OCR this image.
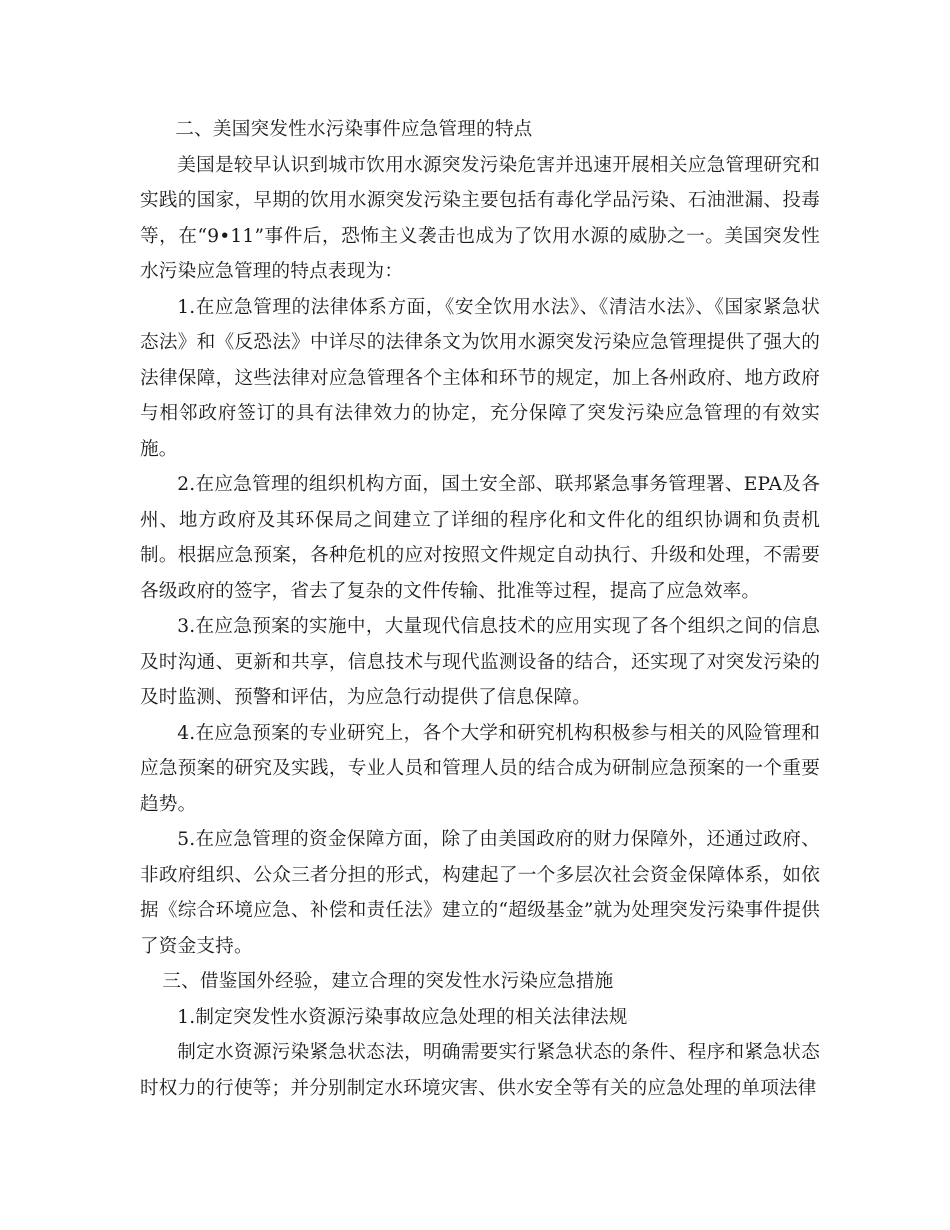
二、美国突发性水污染事件应急管理的特点

美国是较早认识到城市饮用水源突发污染危害并迅速开展相关应急管理研究和实践的国家，早期的饮用水源突发污染主要包括有毒化学品污染、石油泄漏、投毒等，在“9•11”事件后，恐怖主义袭击也成为了饮用水源的威胁之一。美国突发性水污染应急管理的特点表现为：

1.在应急管理的法律体系方面，《安全饮用水法》、《清洁水法》、《国家紧急状态法》和《反恐法》中详尽的法律条文为饮用水源突发污染应急管理提供了强大的法律保障，这些法律对应急管理各个主体和环节的规定，加上各州政府、地方政府与相邻政府签订的具有法律效力的协定，充分保障了突发污染应急管理的有效实施。

2.在应急管理的组织机构方面，国土安全部、联邦紧急事务管理署、EPA及各州、地方政府及其环保局之间建立了详细的程序化和文件化的组织协调和负责机制。根据应急预案，各种危机的应对按照文件规定自动执行、升级和处理，不需要各级政府的签字，省去了复杂的文件传输、批准等过程，提高了应急效率。

3.在应急预案的实施中，大量现代信息技术的应用实现了各个组织之间的信息及时沟通、更新和共享，信息技术与现代监测设备的结合，还实现了对突发污染的及时监测、预警和评估，为应急行动提供了信息保障。

4.在应急预案的专业研究上，各个大学和研究机构积极参与相关的风险管理和应急预案的研究及实践，专业人员和管理人员的结合成为研制应急预案的一个重要趋势。

5.在应急管理的资金保障方面，除了由美国政府的财力保障外，还通过政府、非政府组织、公众三者分担的形式，构建起了一个多层次社会资金保障体系，如依据《综合环境应急、补偿和责任法》建立的“超级基金”就为处理突发污染事件提供了资金支持。

三、借鉴国外经验，建立合理的突发性水污染应急措施

1.制定突发性水资源污染事故应急处理的相关法律法规

制定水资源污染紧急状态法，明确需要实行紧急状态的条件、程序和紧急状态时权力的行使等；并分别制定水环境灾害、供水安全等有关的应急处理的单项法律
